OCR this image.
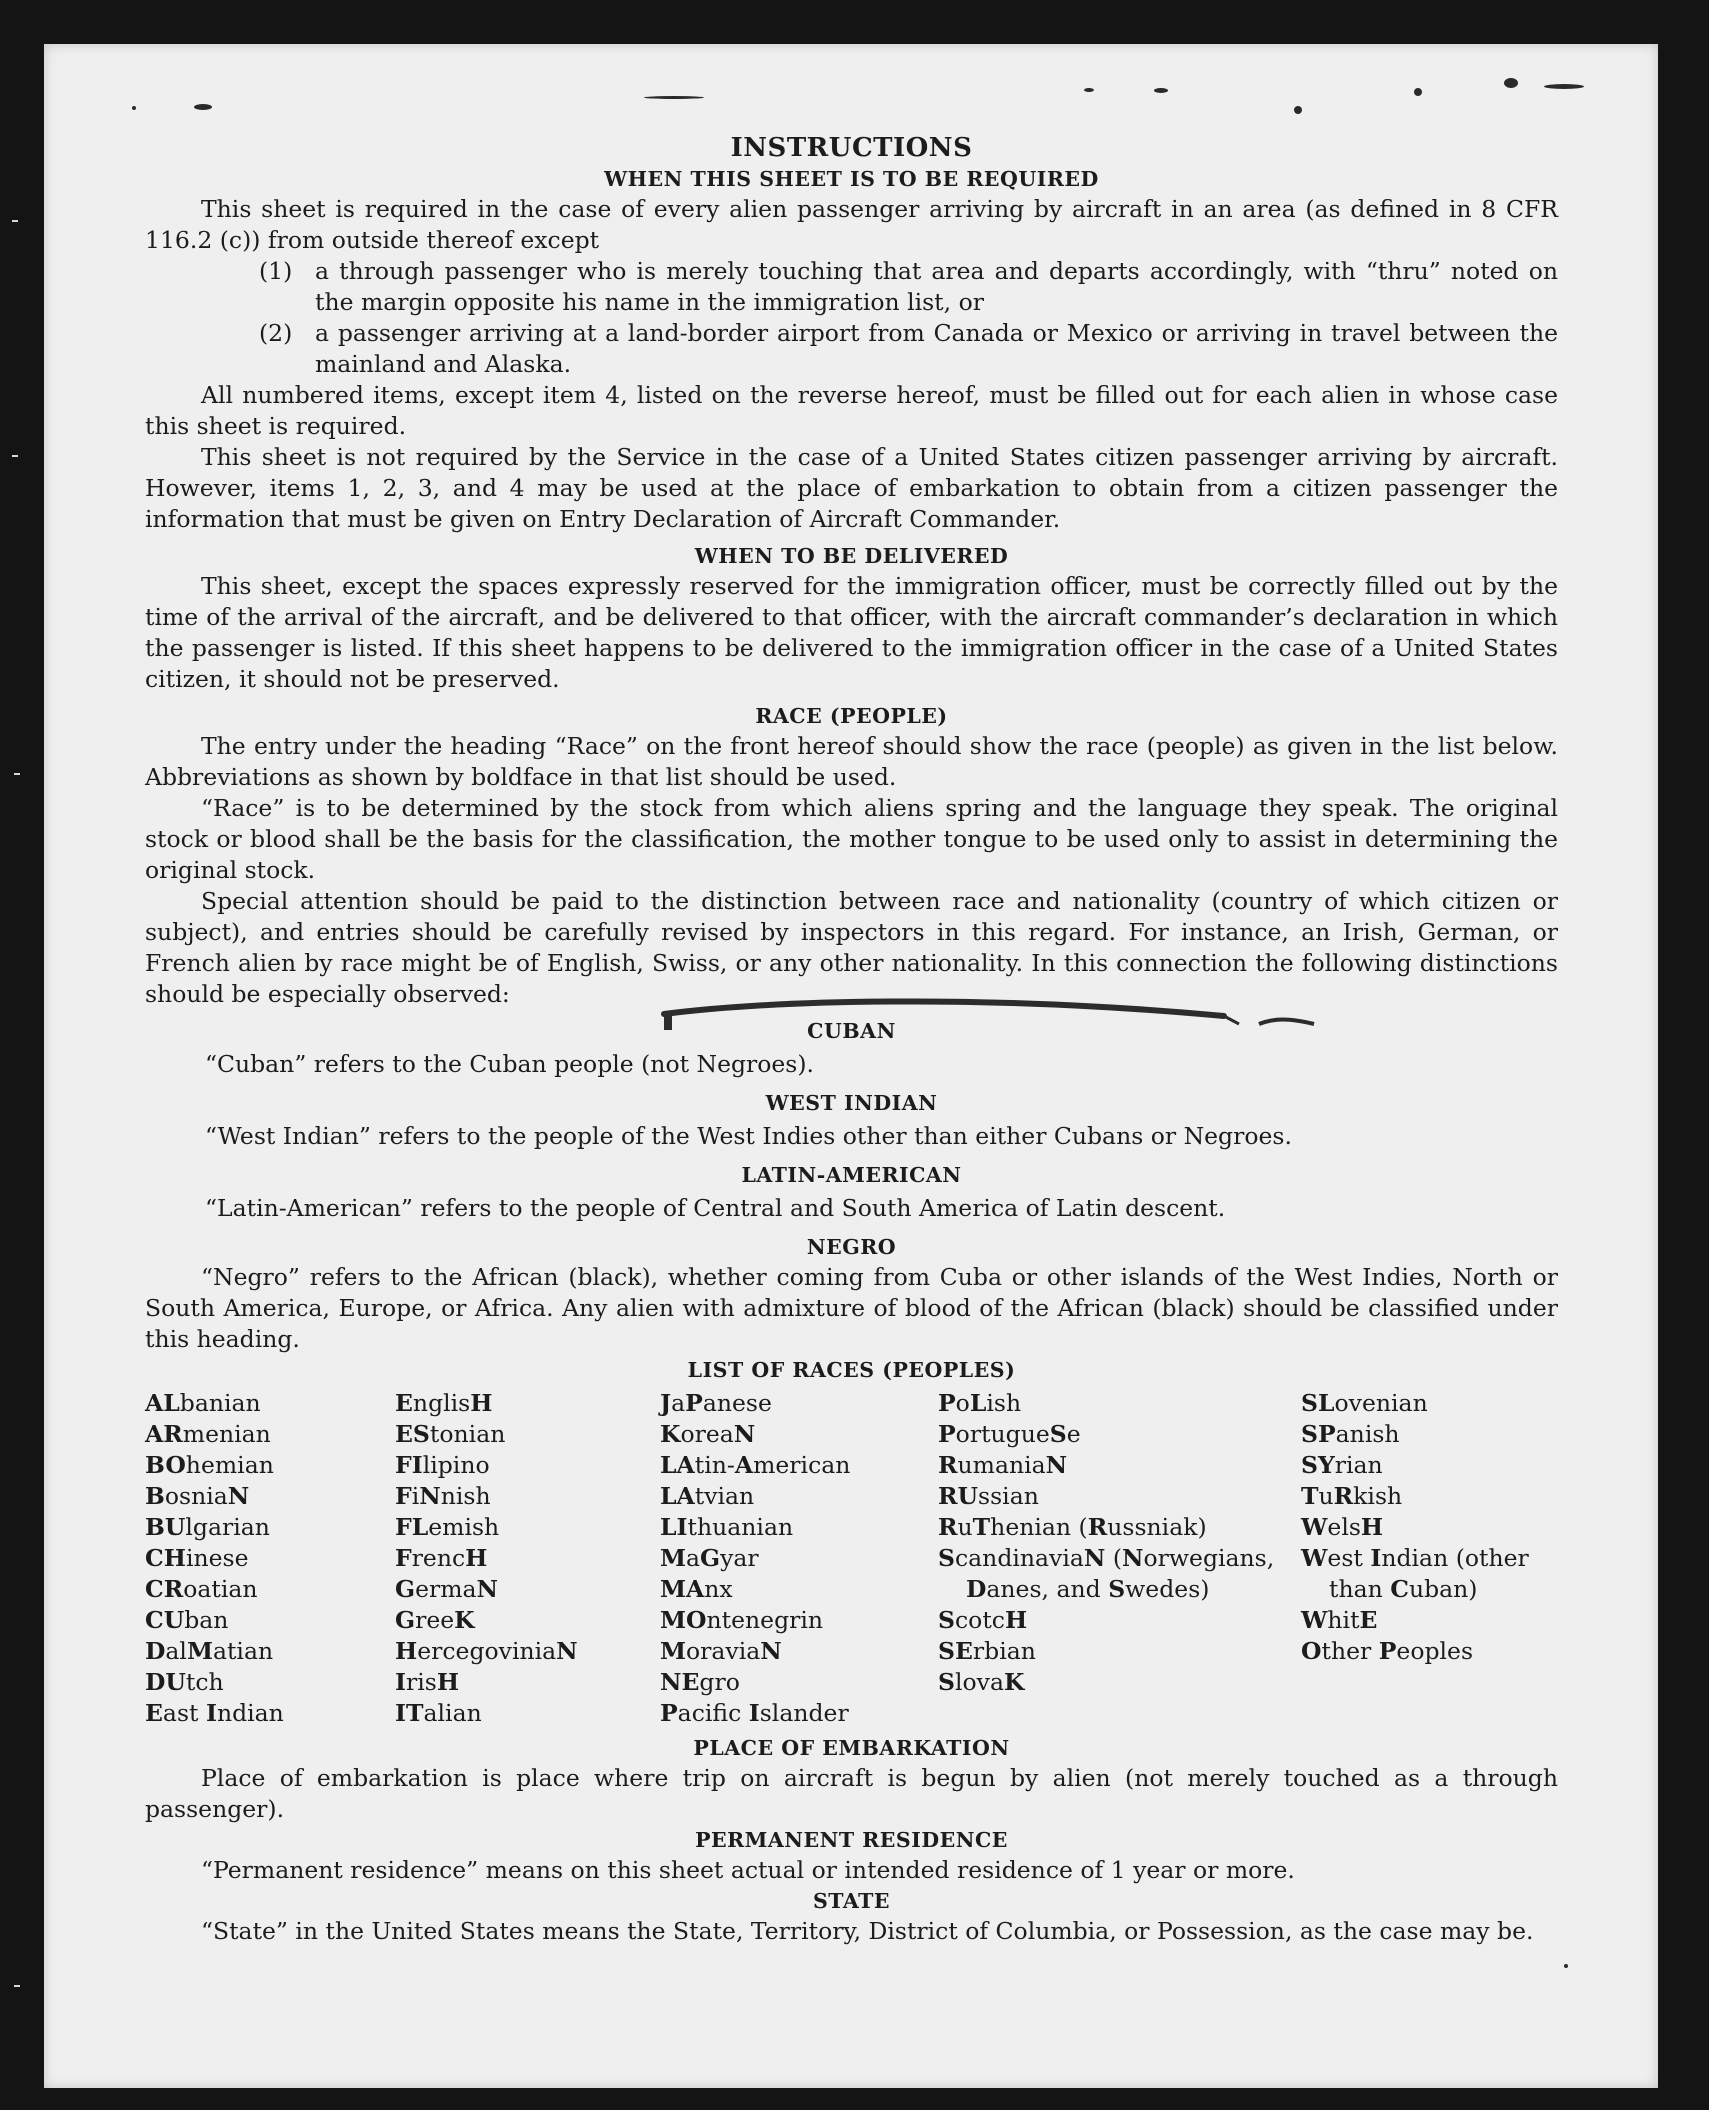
INSTRUCTIONS
WHEN THIS SHEET IS TO BE REQUIRED

This sheet is required in the case of every alien passenger arriving by aircraft in an area (as defined in 8 CFR 116.2 (c)) from outside thereof except

(1) a through passenger who is merely touching that area and departs accordingly, with “thru” noted on the margin opposite his name in the immigration list, or
(2) a passenger arriving at a land-border airport from Canada or Mexico or arriving in travel between the mainland and Alaska.

All numbered items, except item 4, listed on the reverse hereof, must be filled out for each alien in whose case this sheet is required.

This sheet is not required by the Service in the case of a United States citizen passenger arriving by aircraft. However, items 1, 2, 3, and 4 may be used at the place of embarkation to obtain from a citizen passenger the information that must be given on Entry Declaration of Aircraft Commander.

WHEN TO BE DELIVERED

This sheet, except the spaces expressly reserved for the immigration officer, must be correctly filled out by the time of the arrival of the aircraft, and be delivered to that officer, with the aircraft commander’s declaration in which the passenger is listed. If this sheet happens to be delivered to the immigration officer in the case of a United States citizen, it should not be preserved.

RACE (PEOPLE)

The entry under the heading “Race” on the front hereof should show the race (people) as given in the list below. Abbreviations as shown by boldface in that list should be used.

“Race” is to be determined by the stock from which aliens spring and the language they speak. The original stock or blood shall be the basis for the classification, the mother tongue to be used only to assist in determining the original stock.

Special attention should be paid to the distinction between race and nationality (country of which citizen or subject), and entries should be carefully revised by inspectors in this regard. For instance, an Irish, German, or French alien by race might be of English, Swiss, or any other nationality. In this connection the following distinctions should be especially observed:

CUBAN
“Cuban” refers to the Cuban people (not Negroes).
WEST INDIAN
“West Indian” refers to the people of the West Indies other than either Cubans or Negroes.
LATIN-AMERICAN
“Latin-American” refers to the people of Central and South America of Latin descent.
NEGRO

“Negro” refers to the African (black), whether coming from Cuba or other islands of the West Indies, North or South America, Europe, or Africa. Any alien with admixture of blood of the African (black) should be classified under this heading.

LIST OF RACES (PEOPLES)
ALbanian
ARmenian
BOhemian
BosniaN
BUlgarian
CHinese
CRoatian
CUban
DalMatian
DUtch
East Indian
EnglisH
EStonian
FIlipino
FiNnish
FLemish
FrencH
GermaN
GreeK
HercegoviniaN
IrisH
ITalian
JaPanese
KoreaN
LAtin-American
LAtvian
LIthuanian
MaGyar
MAnx
MOntenegrin
MoraviaN
NEgro
Pacifc Islander
PoLish
PortugueSe
RumaniaN
RUssian
RuThenian (Russniak)
ScandinaviaN (Norwegians, Danes, and Swedes)
ScotcH
SErbian
SlovaK
SLovenian
SPanish
SYrian
TuRkish
WelsH
West Indian (other than Cuban)
WhitE
Other Peoples
PLACE OF EMBARKATION

Place of embarkation is place where trip on aircraft is begun by alien (not merely touched as a through passenger).

PERMANENT RESIDENCE

“Permanent residence” means on this sheet actual or intended residence of 1 year or more.

STATE

“State” in the United States means the State, Territory, District of Columbia, or Possession, as the case may be.
